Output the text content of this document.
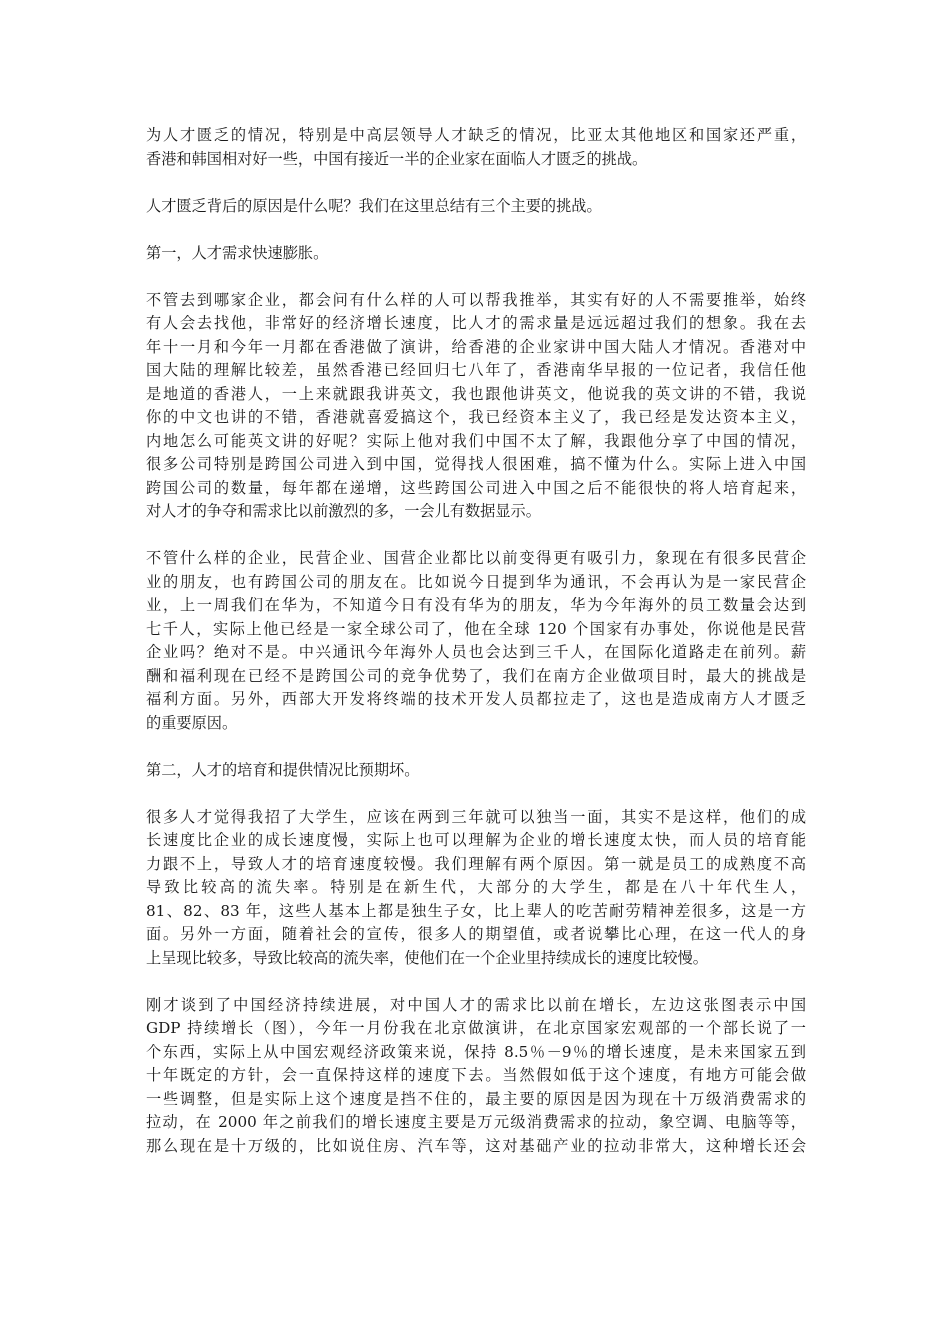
为人才匮乏的情况，特别是中高层领导人才缺乏的情况，比亚太其他地区和国家还严重，
香港和韩国相对好一些，中国有接近一半的企业家在面临人才匮乏的挑战。
人才匮乏背后的原因是什么呢？我们在这里总结有三个主要的挑战。
第一，人才需求快速膨胀。
不管去到哪家企业，都会问有什么样的人可以帮我推举，其实有好的人不需要推举，始终
有人会去找他，非常好的经济增长速度，比人才的需求量是远远超过我们的想象。我在去
年十一月和今年一月都在香港做了演讲，给香港的企业家讲中国大陆人才情况。香港对中
国大陆的理解比较差，虽然香港已经回归七八年了，香港南华早报的一位记者，我信任他
是地道的香港人，一上来就跟我讲英文，我也跟他讲英文，他说我的英文讲的不错，我说
你的中文也讲的不错，香港就喜爱搞这个，我已经资本主义了，我已经是发达资本主义，
内地怎么可能英文讲的好呢？实际上他对我们中国不太了解，我跟他分享了中国的情况，
很多公司特别是跨国公司进入到中国，觉得找人很困难，搞不懂为什么。实际上进入中国
跨国公司的数量，每年都在递增，这些跨国公司进入中国之后不能很快的将人培育起来，
对人才的争夺和需求比以前激烈的多，一会儿有数据显示。
不管什么样的企业，民营企业、国营企业都比以前变得更有吸引力，象现在有很多民营企
业的朋友，也有跨国公司的朋友在。比如说今日提到华为通讯，不会再认为是一家民营企
业，上一周我们在华为，不知道今日有没有华为的朋友，华为今年海外的员工数量会达到
七千人，实际上他已经是一家全球公司了，他在全球 120 个国家有办事处，你说他是民营
企业吗？绝对不是。中兴通讯今年海外人员也会达到三千人，在国际化道路走在前列。薪
酬和福利现在已经不是跨国公司的竞争优势了，我们在南方企业做项目时，最大的挑战是
福利方面。另外，西部大开发将终端的技术开发人员都拉走了，这也是造成南方人才匮乏
的重要原因。
第二，人才的培育和提供情况比预期坏。
很多人才觉得我招了大学生，应该在两到三年就可以独当一面，其实不是这样，他们的成
长速度比企业的成长速度慢，实际上也可以理解为企业的增长速度太快，而人员的培育能
力跟不上，导致人才的培育速度较慢。我们理解有两个原因。第一就是员工的成熟度不高
导致比较高的流失率。特别是在新生代，大部分的大学生，都是在八十年代生人，
81、82、83 年，这些人基本上都是独生子女，比上辈人的吃苦耐劳精神差很多，这是一方
面。另外一方面，随着社会的宣传，很多人的期望值，或者说攀比心理，在这一代人的身
上呈现比较多，导致比较高的流失率，使他们在一个企业里持续成长的速度比较慢。
刚才谈到了中国经济持续进展，对中国人才的需求比以前在增长，左边这张图表示中国
GDP 持续增长（图），今年一月份我在北京做演讲，在北京国家宏观部的一个部长说了一
个东西，实际上从中国宏观经济政策来说，保持 8.5％－9％的增长速度，是未来国家五到
十年既定的方针，会一直保持这样的速度下去。当然假如低于这个速度，有地方可能会做
一些调整，但是实际上这个速度是挡不住的，最主要的原因是因为现在十万级消费需求的
拉动，在 2000 年之前我们的增长速度主要是万元级消费需求的拉动，象空调、电脑等等，
那么现在是十万级的，比如说住房、汽车等，这对基础产业的拉动非常大，这种增长还会
